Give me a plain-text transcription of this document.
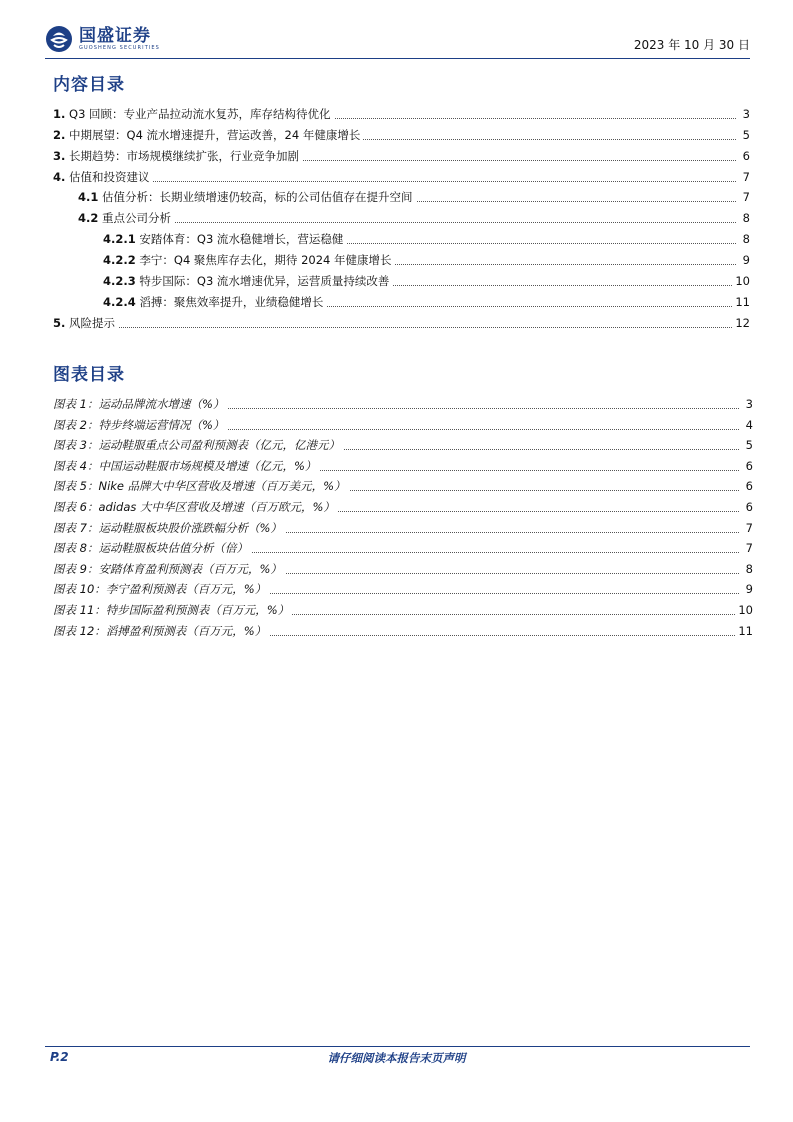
国盛证券
GUOSHENG SECURITIES	2023 年 10 月 30 日
内容目录
1. Q3 回顾：专业产品拉动流水复苏，库存结构待优化	3
2. 中期展望：Q4 流水增速提升，营运改善，24 年健康增长	5
3. 长期趋势：市场规模继续扩张，行业竞争加剧	6
4. 估值和投资建议	7
4.1 估值分析：长期业绩增速仍较高，标的公司估值存在提升空间	7
4.2 重点公司分析	8
4.2.1 安踏体育：Q3 流水稳健增长，营运稳健	8
4.2.2 李宁：Q4 聚焦库存去化，期待 2024 年健康增长	9
4.2.3 特步国际：Q3 流水增速优异，运营质量持续改善	10
4.2.4 滔搏：聚焦效率提升，业绩稳健增长	11
5. 风险提示	12
图表目录
图表 1：运动品牌流水增速（%）	3
图表 2：特步终端运营情况（%）	4
图表 3：运动鞋服重点公司盈利预测表（亿元，亿港元）	5
图表 4：中国运动鞋服市场规模及增速（亿元，%）	6
图表 5：Nike 品牌大中华区营收及增速（百万美元，%）	6
图表 6：adidas 大中华区营收及增速（百万欧元，%）	6
图表 7：运动鞋服板块股价涨跌幅分析（%）	7
图表 8：运动鞋服板块估值分析（倍）	7
图表 9：安踏体育盈利预测表（百万元，%）	8
图表 10：李宁盈利预测表（百万元，%）	9
图表 11：特步国际盈利预测表（百万元，%）	10
图表 12：滔搏盈利预测表（百万元，%）	11
P.2	请仔细阅读本报告末页声明
